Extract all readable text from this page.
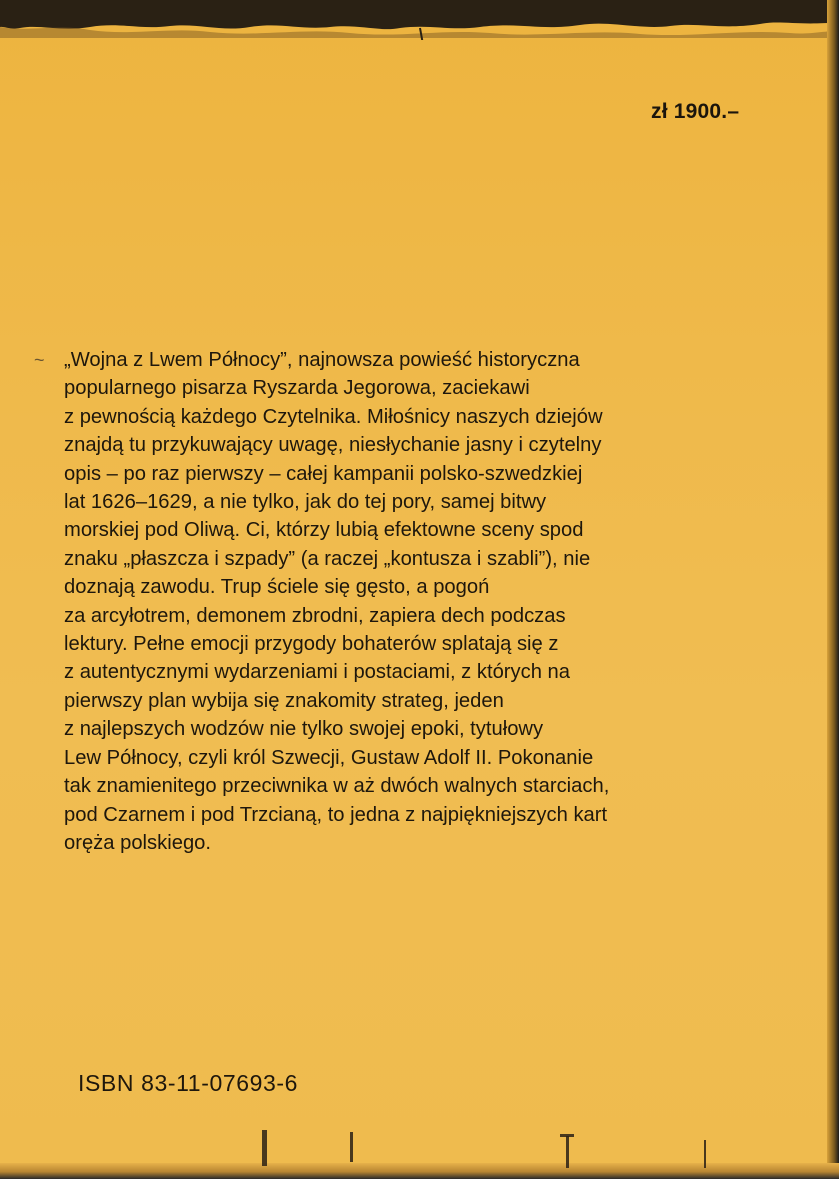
zł 1900.–
~ „Wojna z Lwem Północy”, najnowsza powieść historyczna
popularnego pisarza Ryszarda Jegorowa, zaciekawi
z pewnością każdego Czytelnika. Miłośnicy naszych dziejów
znajdą tu przykuwający uwagę, niesłychanie jasny i czytelny
opis – po raz pierwszy – całej kampanii polsko-szwedzkiej
lat 1626–1629, a nie tylko, jak do tej pory, samej bitwy
morskiej pod Oliwą. Ci, którzy lubią efektowne sceny spod
znaku „płaszcza i szpady” (a raczej „kontusza i szabli”), nie
doznają zawodu. Trup ściele się gęsto, a pogoń
za arcyłotrem, demonem zbrodni, zapiera dech podczas
lektury. Pełne emocji przygody bohaterów splatają się z
z autentycznymi wydarzeniami i postaciami, z których na
pierwszy plan wybija się znakomity strateg, jeden
z najlepszych wodzów nie tylko swojej epoki, tytułowy
Lew Północy, czyli król Szwecji, Gustaw Adolf II. Pokonanie
tak znamienitego przeciwnika w aż dwóch walnych starciach,
pod Czarnem i pod Trzcianą, to jedna z najpiękniejszych kart
oręża polskiego.

ISBN 83-11-07693-6
